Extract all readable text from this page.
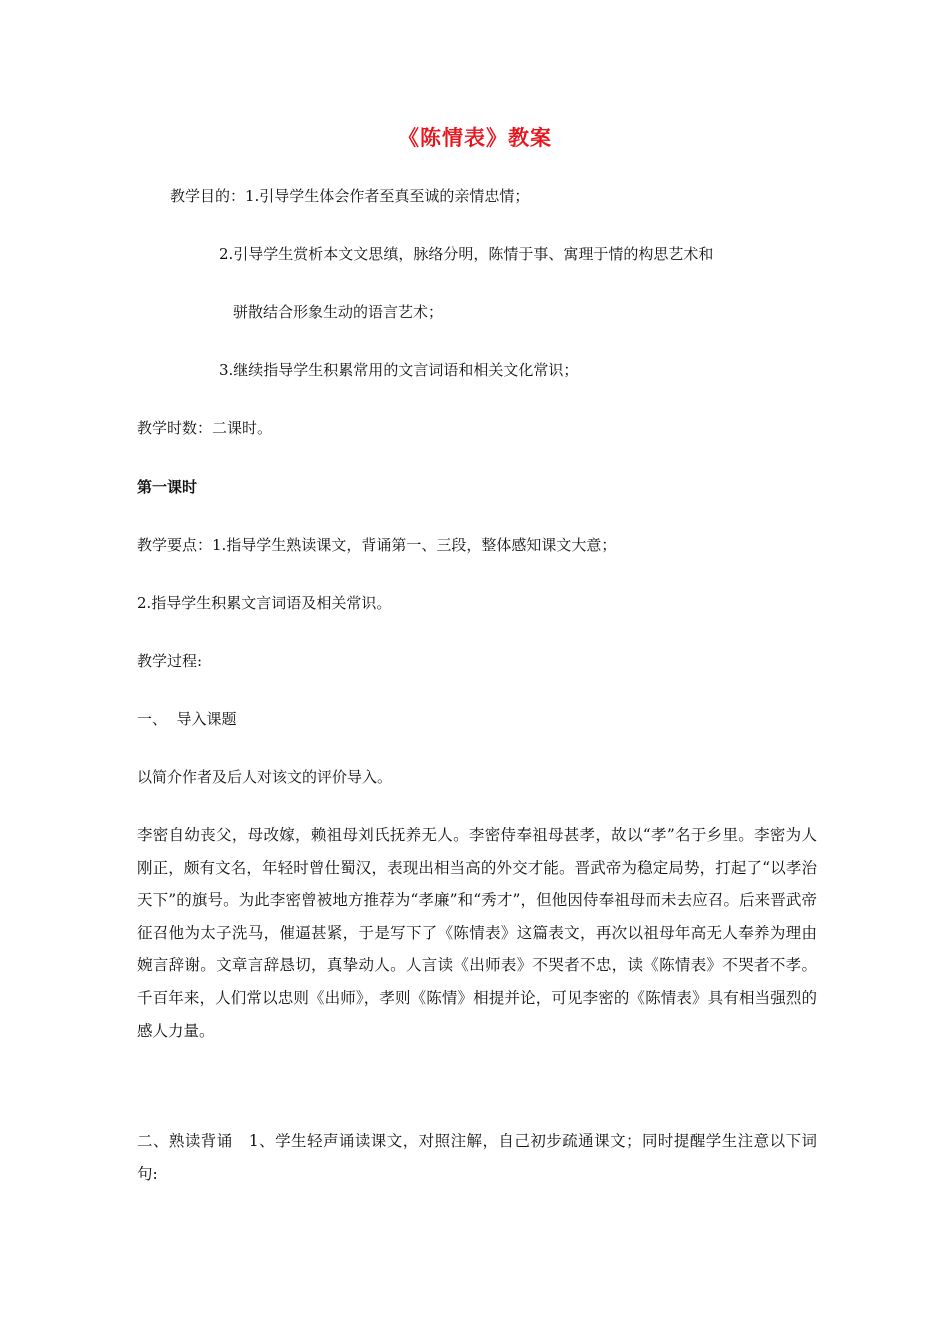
《陈情表》教案
教学目的：1.引导学生体会作者至真至诚的亲情忠情；
2.引导学生赏析本文文思缜，脉络分明，陈情于事、寓理于情的构思艺术和
骈散结合形象生动的语言艺术；
3.继续指导学生积累常用的文言词语和相关文化常识；
教学时数：二课时。
第一课时
教学要点：1.指导学生熟读课文，背诵第一、三段，整体感知课文大意；
2.指导学生积累文言词语及相关常识。
教学过程:
一、  导入课题
以简介作者及后人对该文的评价导入。
李密自幼丧父，母改嫁，赖祖母刘氏抚养无人。李密侍奉祖母甚孝，故以“孝”名于乡里。李密为人刚正，颇有文名，年轻时曾仕蜀汉，表现出相当高的外交才能。晋武帝为稳定局势，打起了“以孝治天下”的旗号。为此李密曾被地方推荐为“孝廉”和“秀才”，但他因侍奉祖母而未去应召。后来晋武帝征召他为太子洗马，催逼甚紧，于是写下了《陈情表》这篇表文，再次以祖母年高无人奉养为理由婉言辞谢。文章言辞恳切，真挚动人。人言读《出师表》不哭者不忠，读《陈情表》不哭者不孝。千百年来，人们常以忠则《出师》，孝则《陈情》相提并论，可见李密的《陈情表》具有相当强烈的感人力量。
二、熟读背诵   1、学生轻声诵读课文，对照注解，自己初步疏通课文；同时提醒学生注意以下词句:
